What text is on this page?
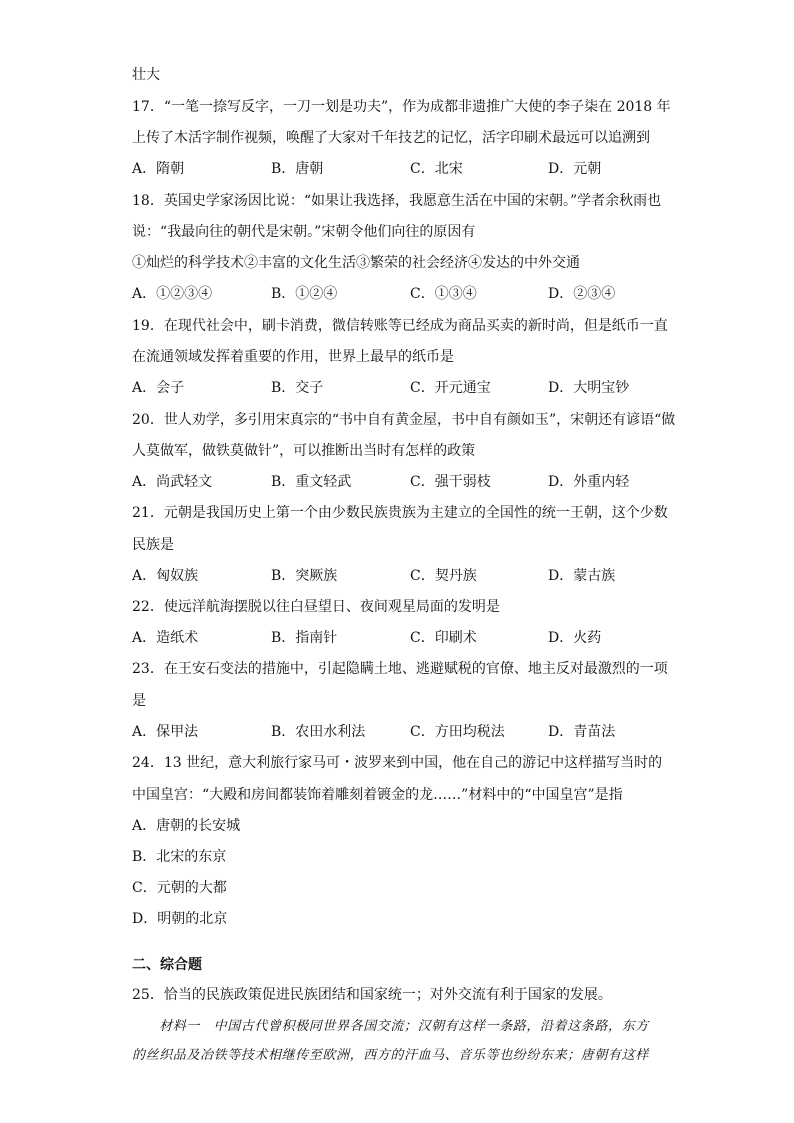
壮大
17．“一笔一捺写反字，一刀一划是功夫”，作为成都非遗推广大使的李子柒在 2018 年
上传了木活字制作视频，唤醒了大家对千年技艺的记忆，活字印刷术最远可以追溯到
A．隋朝	B．唐朝	C．北宋	D．元朝
18．英国史学家汤因比说：“如果让我选择，我愿意生活在中国的宋朝。”学者余秋雨也
说：“我最向往的朝代是宋朝。”宋朝令他们向往的原因有
①灿烂的科学技术②丰富的文化生活③繁荣的社会经济④发达的中外交通
A．①②③④	B．①②④	C．①③④	D．②③④
19．在现代社会中，刷卡消费，微信转账等已经成为商品买卖的新时尚，但是纸币一直
在流通领域发挥着重要的作用，世界上最早的纸币是
A．会子	B．交子	C．开元通宝	D．大明宝钞
20．世人劝学，多引用宋真宗的“书中自有黄金屋，书中自有颜如玉”，宋朝还有谚语“做
人莫做军，做铁莫做针”，可以推断出当时有怎样的政策
A．尚武轻文	B．重文轻武	C．强干弱枝	D．外重内轻
21．元朝是我国历史上第一个由少数民族贵族为主建立的全国性的统一王朝，这个少数
民族是
A．匈奴族	B．突厥族	C．契丹族	D．蒙古族
22．使远洋航海摆脱以往白昼望日、夜间观星局面的发明是
A．造纸术	B．指南针	C．印刷术	D．火药
23．在王安石变法的措施中，引起隐瞒土地、逃避赋税的官僚、地主反对最激烈的一项
是
A．保甲法	B．农田水利法	C．方田均税法	D．青苗法
24．13 世纪，意大利旅行家马可・波罗来到中国，他在自己的游记中这样描写当时的
中国皇宫：“大殿和房间都装饰着雕刻着镀金的龙……”材料中的“中国皇宫”是指
A．唐朝的长安城
B．北宋的东京
C．元朝的大都
D．明朝的北京
二、综合题
25．恰当的民族政策促进民族团结和国家统一；对外交流有利于国家的发展。
　　材料一　中国古代曾积极同世界各国交流；汉朝有这样一条路，沿着这条路，东方
的丝织品及冶铁等技术相继传至欧洲，西方的汗血马、音乐等也纷纷东来；唐朝有这样
